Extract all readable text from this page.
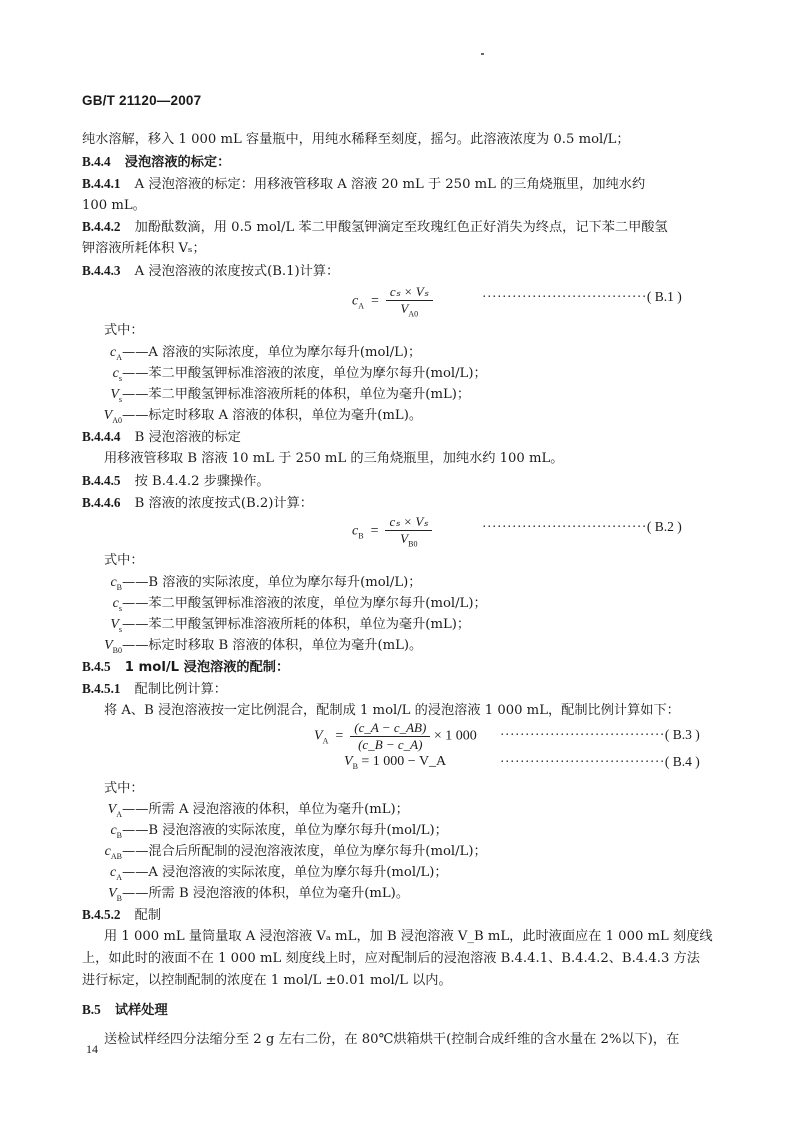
GB/T 21120—2007
纯水溶解，移入 1 000 mL 容量瓶中，用纯水稀释至刻度，摇匀。此溶液浓度为 0.5 mol/L；
B.4.4 浸泡溶液的标定：
B.4.4.1 A 浸泡溶液的标定：用移液管移取 A 溶液 20 mL 于 250 mL 的三角烧瓶里，加纯水约
100 mL。
B.4.4.2 加酚酞数滴，用 0.5 mol/L 苯二甲酸氢钾滴定至玫瑰红色正好消失为终点，记下苯二甲酸氢
钾溶液所耗体积 Vₛ；
B.4.4.3 A 浸泡溶液的浓度按式(B.1)计算：
$c_A = \frac{\text{cₛ × Vₛ}}{V_{A0}}$	·································( B.1 )
式中：
$c_A——A$ 溶液的实际浓度，单位为摩尔每升(mol/L)；
$c_s——$苯二甲酸氢钾标准溶液的浓度，单位为摩尔每升(mol/L)；
$V_s——$苯二甲酸氢钾标准溶液所耗的体积，单位为毫升(mL)；
$V_{A0}——$标定时移取 A 溶液的体积，单位为毫升(mL)。
B.4.4.4 B 浸泡溶液的标定
用移液管移取 B 溶液 10 mL 于 250 mL 的三角烧瓶里，加纯水约 100 mL。
B.4.4.5 按 B.4.4.2 步骤操作。
B.4.4.6 B 溶液的浓度按式(B.2)计算：
$c_B = \frac{\text{cₛ × Vₛ}}{V_{B0}}$	·································( B.2 )
式中：
$c_B——B$ 溶液的实际浓度，单位为摩尔每升(mol/L)；
$c_s——$苯二甲酸氢钾标准溶液的浓度，单位为摩尔每升(mol/L)；
$V_s——$苯二甲酸氢钾标准溶液所耗的体积，单位为毫升(mL)；
$V_{B0}——$标定时移取 B 溶液的体积，单位为毫升(mL)。
B.4.5 1 mol/L 浸泡溶液的配制：
B.4.5.1 配制比例计算：
将 A、B 浸泡溶液按一定比例混合，配制成 1 mol/L 的浸泡溶液 1 000 mL，配制比例计算如下：
$V_A = \frac{(c\_A - c\_AB)}{(c\_B - c\_A)} \times 1$ 000 ·································( B.3 )
$V_B = 1$ 000 − V_A	·································( B.4 )
式中：
$V_A——$所需 A 浸泡溶液的体积，单位为毫升(mL)；
$c_B——B$ 浸泡溶液的实际浓度，单位为摩尔每升(mol/L)；
$c_{AB}——$混合后所配制的浸泡溶液浓度，单位为摩尔每升(mol/L)；
$c_A——A$ 浸泡溶液的实际浓度，单位为摩尔每升(mol/L)；
$V_B——$所需 B 浸泡溶液的体积，单位为毫升(mL)。
B.4.5.2 配制
用 1 000 mL 量筒量取 A 浸泡溶液 Vₐ mL，加 B 浸泡溶液 V_B mL，此时液面应在 1 000 mL 刻度线
上，如此时的液面不在 1 000 mL 刻度线上时，应对配制后的浸泡溶液 B.4.4.1、B.4.4.2、B.4.4.3 方法
进行标定，以控制配制的浓度在 1 mol/L ±0.01 mol/L 以内。
B.5 试样处理
送检试样经四分法缩分至 2 g 左右二份，在 80℃烘箱烘干(控制合成纤维的含水量在 2%以下)，在
14
